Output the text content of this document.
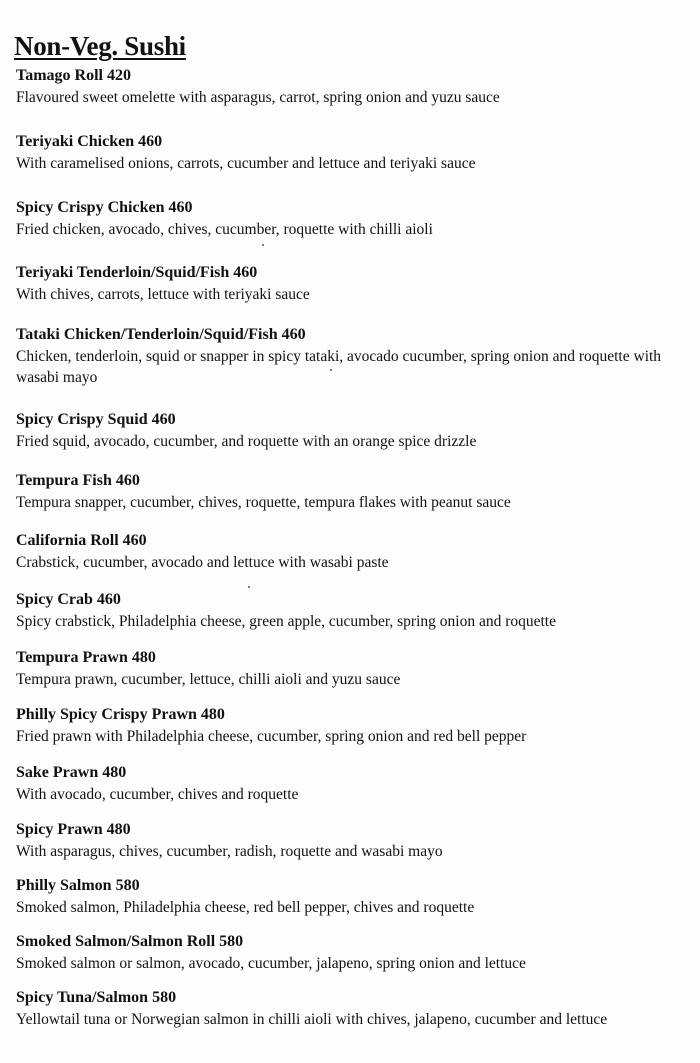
Non-Veg. Sushi
Tamago Roll 420
Flavoured sweet omelette with asparagus, carrot, spring onion and yuzu sauce
Teriyaki Chicken 460
With caramelised onions, carrots, cucumber and lettuce and teriyaki sauce
Spicy Crispy Chicken 460
Fried chicken, avocado, chives, cucumber, roquette with chilli aioli
Teriyaki Tenderloin/Squid/Fish 460
With chives, carrots, lettuce with teriyaki sauce
Tataki Chicken/Tenderloin/Squid/Fish 460
Chicken, tenderloin, squid or snapper in spicy tataki, avocado cucumber, spring onion and roquette with wasabi mayo
Spicy Crispy Squid 460
Fried squid, avocado, cucumber, and roquette with an orange spice drizzle
Tempura Fish 460
Tempura snapper, cucumber, chives, roquette, tempura flakes with peanut sauce
California Roll 460
Crabstick, cucumber, avocado and lettuce with wasabi paste
Spicy Crab 460
Spicy crabstick, Philadelphia cheese, green apple, cucumber, spring onion and roquette
Tempura Prawn 480
Tempura prawn, cucumber, lettuce, chilli aioli and yuzu sauce
Philly Spicy Crispy Prawn 480
Fried prawn with Philadelphia cheese, cucumber, spring onion and red bell pepper
Sake Prawn 480
With avocado, cucumber, chives and roquette
Spicy Prawn 480
With asparagus, chives, cucumber, radish, roquette and wasabi mayo
Philly Salmon 580
Smoked salmon, Philadelphia cheese, red bell pepper, chives and roquette
Smoked Salmon/Salmon Roll 580
Smoked salmon or salmon, avocado, cucumber, jalapeno, spring onion and lettuce
Spicy Tuna/Salmon 580
Yellowtail tuna or Norwegian salmon in chilli aioli with chives, jalapeno, cucumber and lettuce
